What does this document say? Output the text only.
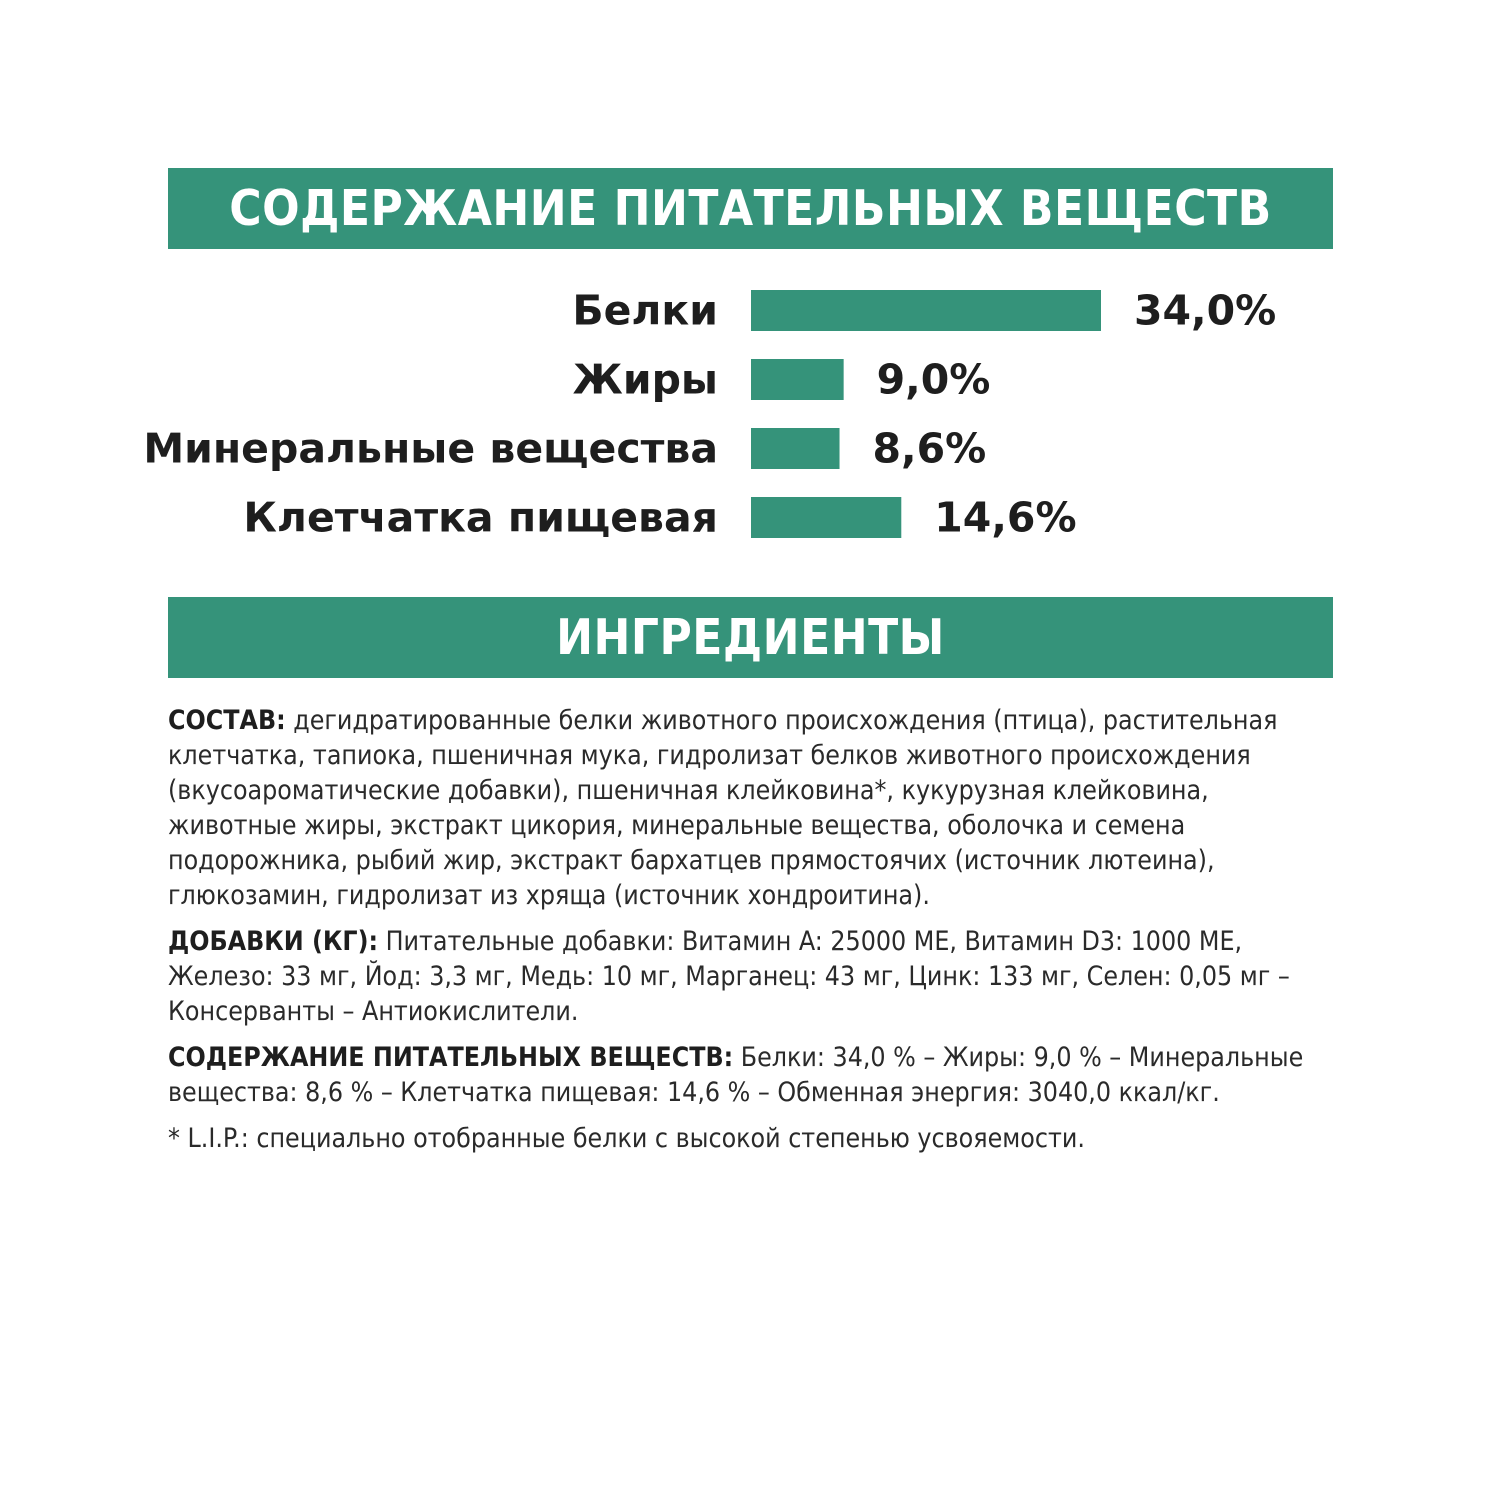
СОДЕРЖАНИЕ ПИТАТЕЛЬНЫХ ВЕЩЕСТВ
Белки	34,0%
Жиры	9,0%
Минеральные вещества	8,6%
Клетчатка пищевая	14,6%
ИНГРЕДИЕНТЫ

СОСТАВ: дегидратированные белки животного происхождения (птица), растительная клетчатка, тапиока, пшеничная мука, гидролизат белков животного происхождения (вкусоароматические добавки), пшеничная клейковина*, кукурузная клейковина, животные жиры, экстракт цикория, минеральные вещества, оболочка и семена подорожника, рыбий жир, экстракт бархатцев прямостоячих (источник лютеина), глюкозамин, гидролизат из хряща (источник хондроитина).

ДОБАВКИ (КГ): Питательные добавки: Витамин A: 25000 МЕ, Витамин D3: 1000 МЕ, Железо: 33 мг, Йод: 3,3 мг, Медь: 10 мг, Марганец: 43 мг, Цинк: 133 мг, Селен: 0,05 мг – Консерванты – Антиокислители.

СОДЕРЖАНИЕ ПИТАТЕЛЬНЫХ ВЕЩЕСТВ: Белки: 34,0 % – Жиры: 9,0 % – Минеральные вещества: 8,6 % – Клетчатка пищевая: 14,6 % – Обменная энергия: 3040,0 ккал/кг.

* L.I.P.: специально отобранные белки с высокой степенью усвояемости.
